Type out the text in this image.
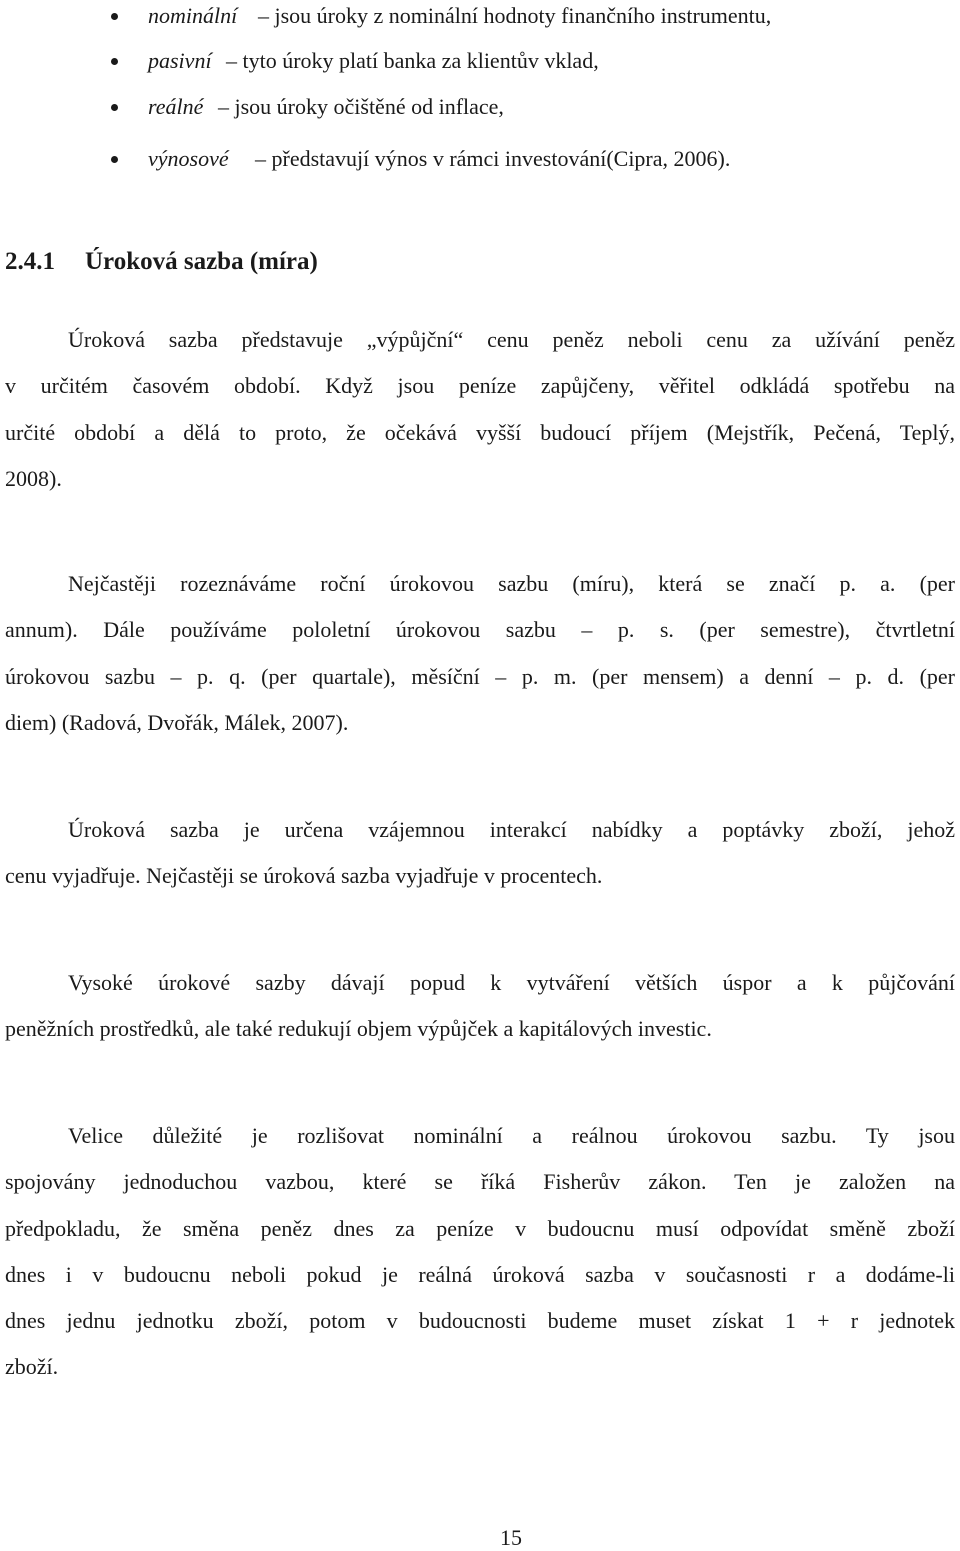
nominální – jsou úroky z nominální hodnoty finančního instrumentu,
pasivní – tyto úroky platí banka za klientův vklad,
reálné – jsou úroky očištěné od inflace,
výnosové – představují výnos v rámci investování(Cipra, 2006).
2.4.1 Úroková sazba (míra)
Úroková sazba představuje „výpůjční“ cenu peněz neboli cenu za užívání peněz
v určitém časovém období. Když jsou peníze zapůjčeny, věřitel odkládá spotřebu na
určité období a dělá to proto, že očekává vyšší budoucí příjem (Mejstřík, Pečená, Teplý,
2008).
Nejčastěji rozeznáváme roční úrokovou sazbu (míru), která se značí p. a. (per
annum). Dále používáme pololetní úrokovou sazbu – p. s. (per semestre), čtvrtletní
úrokovou sazbu – p. q. (per quartale), měsíční – p. m. (per mensem) a denní – p. d. (per
diem) (Radová, Dvořák, Málek, 2007).
Úroková sazba je určena vzájemnou interakcí nabídky a poptávky zboží, jehož
cenu vyjadřuje. Nejčastěji se úroková sazba vyjadřuje v procentech.
Vysoké úrokové sazby dávají popud k vytváření větších úspor a k půjčování
peněžních prostředků, ale také redukují objem výpůjček a kapitálových investic.
Velice důležité je rozlišovat nominální a reálnou úrokovou sazbu. Ty jsou
spojovány jednoduchou vazbou, které se říká Fisherův zákon. Ten je založen na
předpokladu, že směna peněz dnes za peníze v budoucnu musí odpovídat směně zboží
dnes i v budoucnu neboli pokud je reálná úroková sazba v současnosti r a dodáme-li
dnes jednu jednotku zboží, potom v budoucnosti budeme muset získat 1 + r jednotek
zboží.
15
